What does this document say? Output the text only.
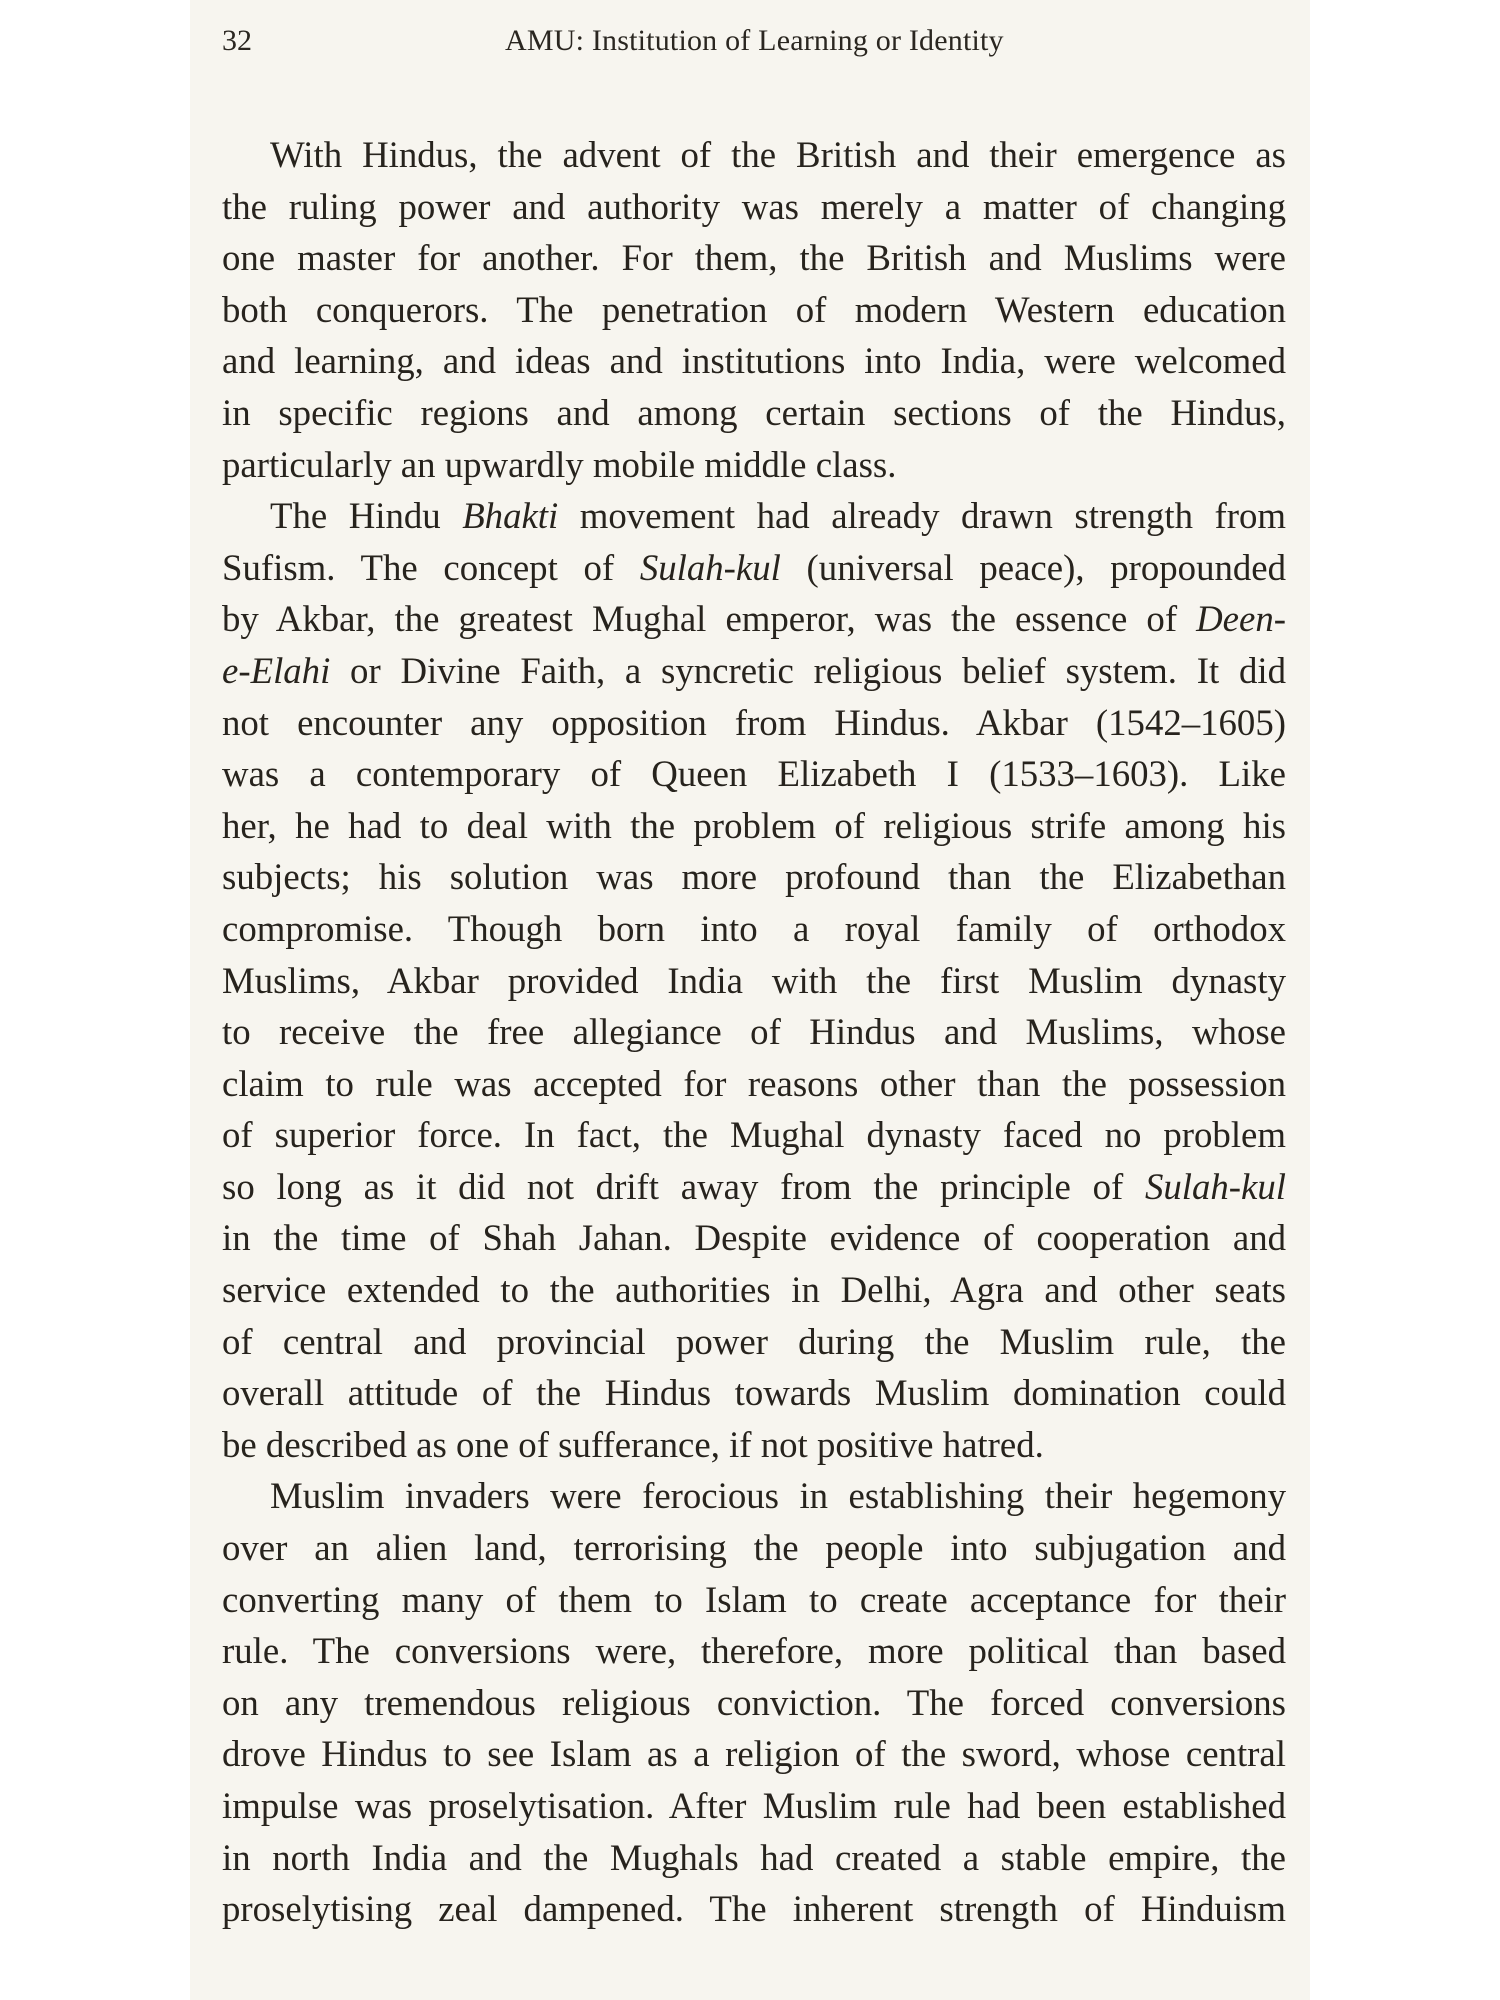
32	AMU: Institution of Learning or Identity
With Hindus, the advent of the British and their emergence as
the ruling power and authority was merely a matter of changing
one master for another. For them, the British and Muslims were
both conquerors. The penetration of modern Western education
and learning, and ideas and institutions into India, were welcomed
in specific regions and among certain sections of the Hindus,
particularly an upwardly mobile middle class.
The Hindu Bhakti movement had already drawn strength from
Sufism. The concept of Sulah-kul (universal peace), propounded
by Akbar, the greatest Mughal emperor, was the essence of Deen-
e-Elahi or Divine Faith, a syncretic religious belief system. It did
not encounter any opposition from Hindus. Akbar (1542–1605)
was a contemporary of Queen Elizabeth I (1533–1603). Like
her, he had to deal with the problem of religious strife among his
subjects; his solution was more profound than the Elizabethan
compromise. Though born into a royal family of orthodox
Muslims, Akbar provided India with the first Muslim dynasty
to receive the free allegiance of Hindus and Muslims, whose
claim to rule was accepted for reasons other than the possession
of superior force. In fact, the Mughal dynasty faced no problem
so long as it did not drift away from the principle of Sulah-kul
in the time of Shah Jahan. Despite evidence of cooperation and
service extended to the authorities in Delhi, Agra and other seats
of central and provincial power during the Muslim rule, the
overall attitude of the Hindus towards Muslim domination could
be described as one of sufferance, if not positive hatred.
Muslim invaders were ferocious in establishing their hegemony
over an alien land, terrorising the people into subjugation and
converting many of them to Islam to create acceptance for their
rule. The conversions were, therefore, more political than based
on any tremendous religious conviction. The forced conversions
drove Hindus to see Islam as a religion of the sword, whose central
impulse was proselytisation. After Muslim rule had been established
in north India and the Mughals had created a stable empire, the
proselytising zeal dampened. The inherent strength of Hinduism
